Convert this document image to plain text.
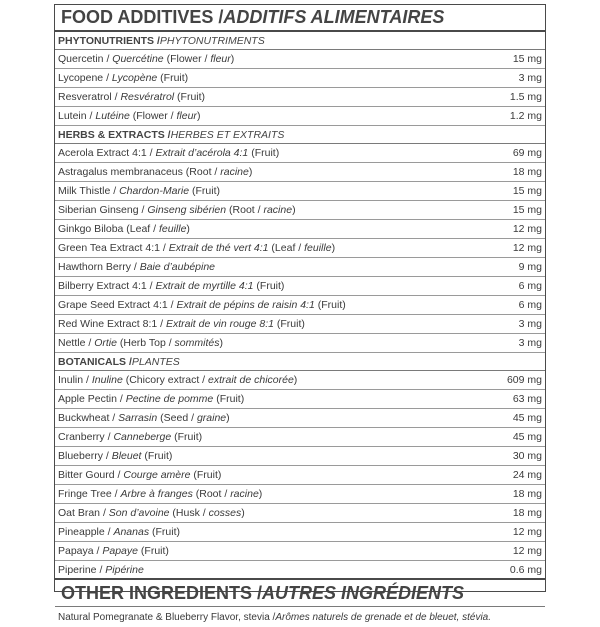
FOOD ADDITIVES / ADDITIFS ALIMENTAIRES
PHYTONUTRIENTS / PHYTONUTRIMENTS
Quercetin / Quercétine (Flower / fleur)	15 mg
Lycopene / Lycopène (Fruit)	3 mg
Resveratrol / Resvératrol (Fruit)	1.5 mg
Lutein / Lutéine (Flower / fleur)	1.2 mg
HERBS & EXTRACTS / HERBES ET EXTRAITS
Acerola Extract 4:1 / Extrait d’acérola 4:1 (Fruit)	69 mg
Astragalus membranaceus (Root / racine)	18 mg
Milk Thistle / Chardon-Marie (Fruit)	15 mg
Siberian Ginseng / Ginseng sibérien (Root / racine)	15 mg
Ginkgo Biloba (Leaf / feuille)	12 mg
Green Tea Extract 4:1 / Extrait de thé vert 4:1 (Leaf / feuille)	12 mg
Hawthorn Berry / Baie d’aubépine	9 mg
Bilberry Extract 4:1 / Extrait de myrtille 4:1 (Fruit)	6 mg
Grape Seed Extract 4:1 / Extrait de pépins de raisin 4:1 (Fruit)	6 mg
Red Wine Extract 8:1 / Extrait de vin rouge 8:1 (Fruit)	3 mg
Nettle / Ortie (Herb Top / sommités)	3 mg
BOTANICALS / PLANTES
Inulin / Inuline (Chicory extract / extrait de chicorée)	609 mg
Apple Pectin / Pectine de pomme (Fruit)	63 mg
Buckwheat / Sarrasin (Seed / graine)	45 mg
Cranberry / Canneberge (Fruit)	45 mg
Blueberry / Bleuet (Fruit)	30 mg
Bitter Gourd / Courge amère (Fruit)	24 mg
Fringe Tree / Arbre à franges (Root / racine)	18 mg
Oat Bran / Son d’avoine (Husk / cosses)	18 mg
Pineapple / Ananas (Fruit)	12 mg
Papaya / Papaye (Fruit)	12 mg
Piperine / Pipérine	0.6 mg
OTHER INGREDIENTS / AUTRES INGRÉDIENTS
Natural Pomegranate & Blueberry Flavor, stevia / Arômes naturels de grenade et de bleuet, stévia.
